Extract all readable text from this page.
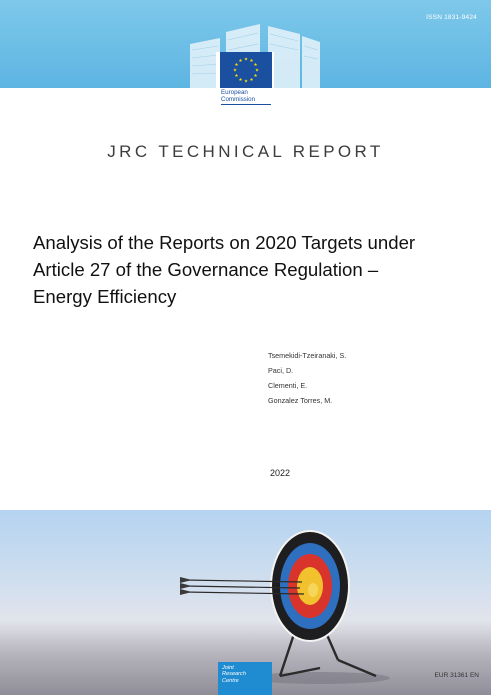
ISSN 1831-9424
European
Commission
JRC TECHNICAL REPORT
Analysis of the Reports on 2020 Targets under
Article 27 of the Governance Regulation –
Energy Efficiency
Tsemekidi-Tzeiranaki, S.
Paci, D.
Clementi, E.
Gonzalez Torres, M.
2022
Joint
Research
Centre
EUR 31361 EN
